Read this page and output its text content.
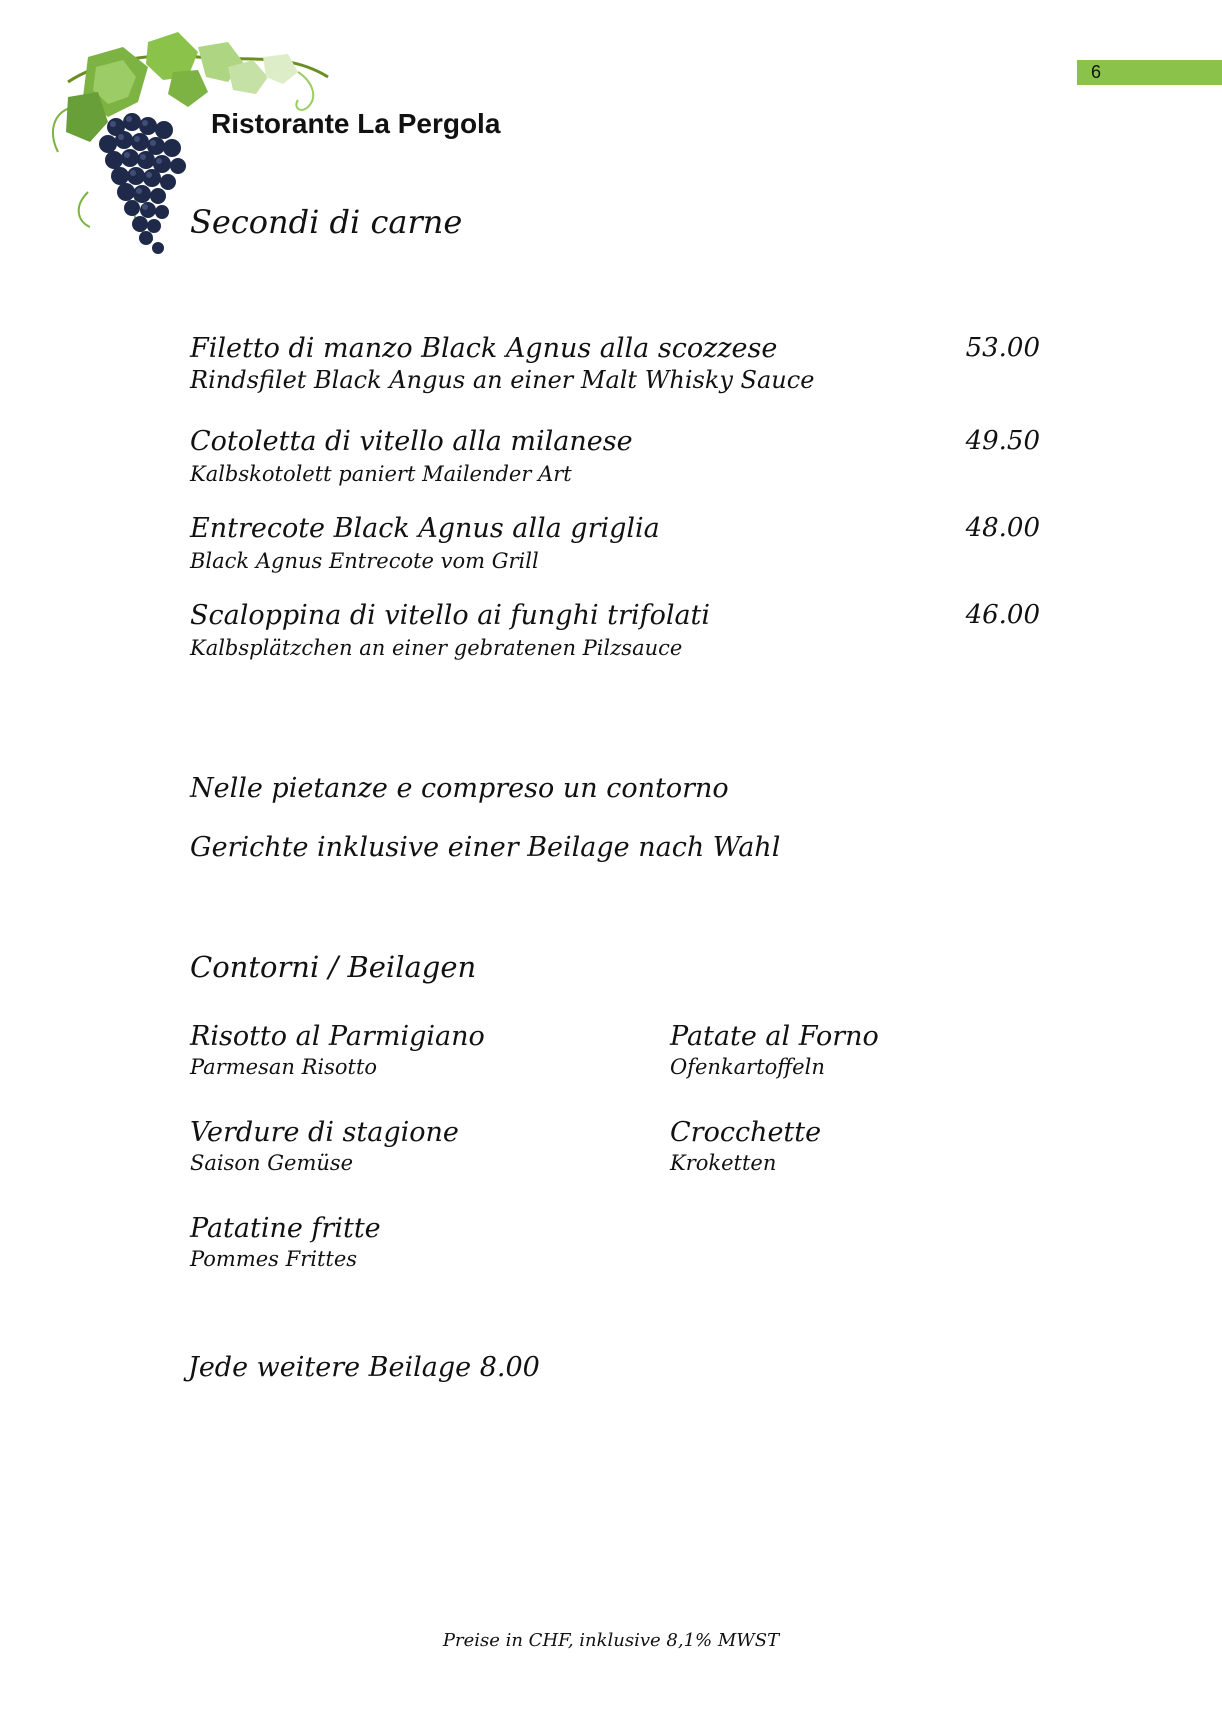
6
Ristorante La Pergola
Secondi di carne
Filetto di manzo Black Agnus alla scozzese	53.00
Rindsfilet Black Angus an einer Malt Whisky Sauce
Cotoletta di vitello alla milanese	49.50
Kalbskotolett paniert Mailender Art
Entrecote Black Agnus alla griglia	48.00
Black Agnus Entrecote vom Grill
Scaloppina di vitello ai funghi trifolati	46.00
Kalbsplätzchen an einer gebratenen Pilzsauce
Nelle pietanze e compreso un contorno
Gerichte inklusive einer Beilage nach Wahl
Contorni / Beilagen
Risotto al Parmigiano
Parmesan Risotto
Patate al Forno
Ofenkartoffeln
Verdure di stagione
Saison Gemüse
Crocchette
Kroketten
Patatine fritte
Pommes Frittes
Jede weitere Beilage 8.00
Preise in CHF, inklusive 8,1% MWST
